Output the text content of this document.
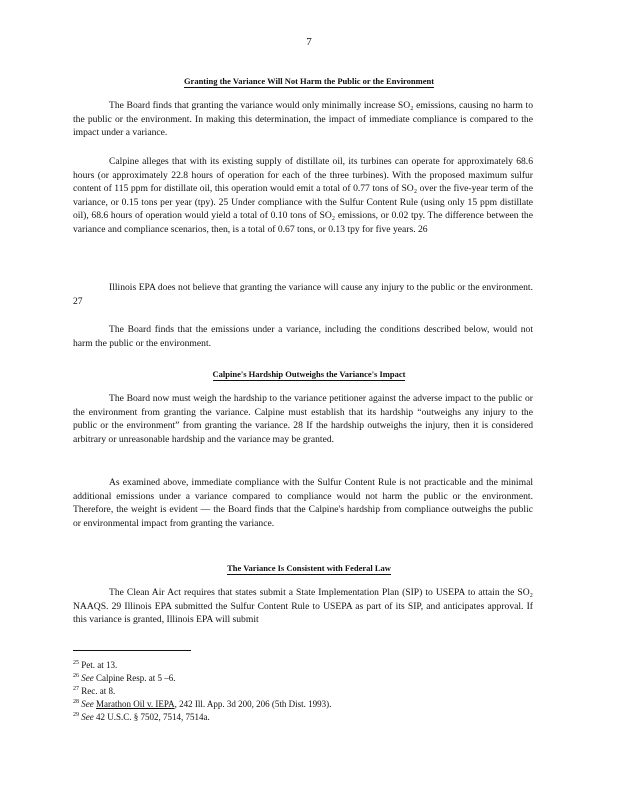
7
Granting the Variance Will Not Harm the Public or the Environment

The Board finds that granting the variance would only minimally increase SO₂ emissions, causing no harm to the public or the environment. In making this determination, the impact of immediate compliance is compared to the impact under a variance.

Calpine alleges that with its existing supply of distillate oil, its turbines can operate for approximately 68.6 hours (or approximately 22.8 hours of operation for each of the three turbines). With the proposed maximum sulfur content of 115 ppm for distillate oil, this operation would emit a total of 0.77 tons of SO₂ over the five-year term of the variance, or 0.15 tons per year (tpy). 25 Under compliance with the Sulfur Content Rule (using only 15 ppm distillate oil), 68.6 hours of operation would yield a total of 0.10 tons of SO₂ emissions, or 0.02 tpy. The difference between the variance and compliance scenarios, then, is a total of 0.67 tons, or 0.13 tpy for five years. 26

Illinois EPA does not believe that granting the variance will cause any injury to the public or the environment. 27

The Board finds that the emissions under a variance, including the conditions described below, would not harm the public or the environment.

Calpine's Hardship Outweighs the Variance's Impact

The Board now must weigh the hardship to the variance petitioner against the adverse impact to the public or the environment from granting the variance. Calpine must establish that its hardship “outweighs any injury to the public or the environment” from granting the variance. 28 If the hardship outweighs the injury, then it is considered arbitrary or unreasonable hardship and the variance may be granted.

As examined above, immediate compliance with the Sulfur Content Rule is not practicable and the minimal additional emissions under a variance compared to compliance would not harm the public or the environment. Therefore, the weight is evident — the Board finds that the Calpine's hardship from compliance outweighs the public or environmental impact from granting the variance.

The Variance Is Consistent with Federal Law

The Clean Air Act requires that states submit a State Implementation Plan (SIP) to USEPA to attain the SO₂ NAAQS. 29 Illinois EPA submitted the Sulfur Content Rule to USEPA as part of its SIP, and anticipates approval. If this variance is granted, Illinois EPA will submit

$^{25}$ Pet. at 13.
$^{26}$ See Calpine Resp. at 5 –6.
$^{27}$ Rec. at 8.
$^{28}$ See Marathon Oil v. IEPA, 242 Ill. App. 3d 200, 206 (5th Dist. 1993).
$^{29}$ See 42 U.S.C. § 7502, 7514, 7514a.
